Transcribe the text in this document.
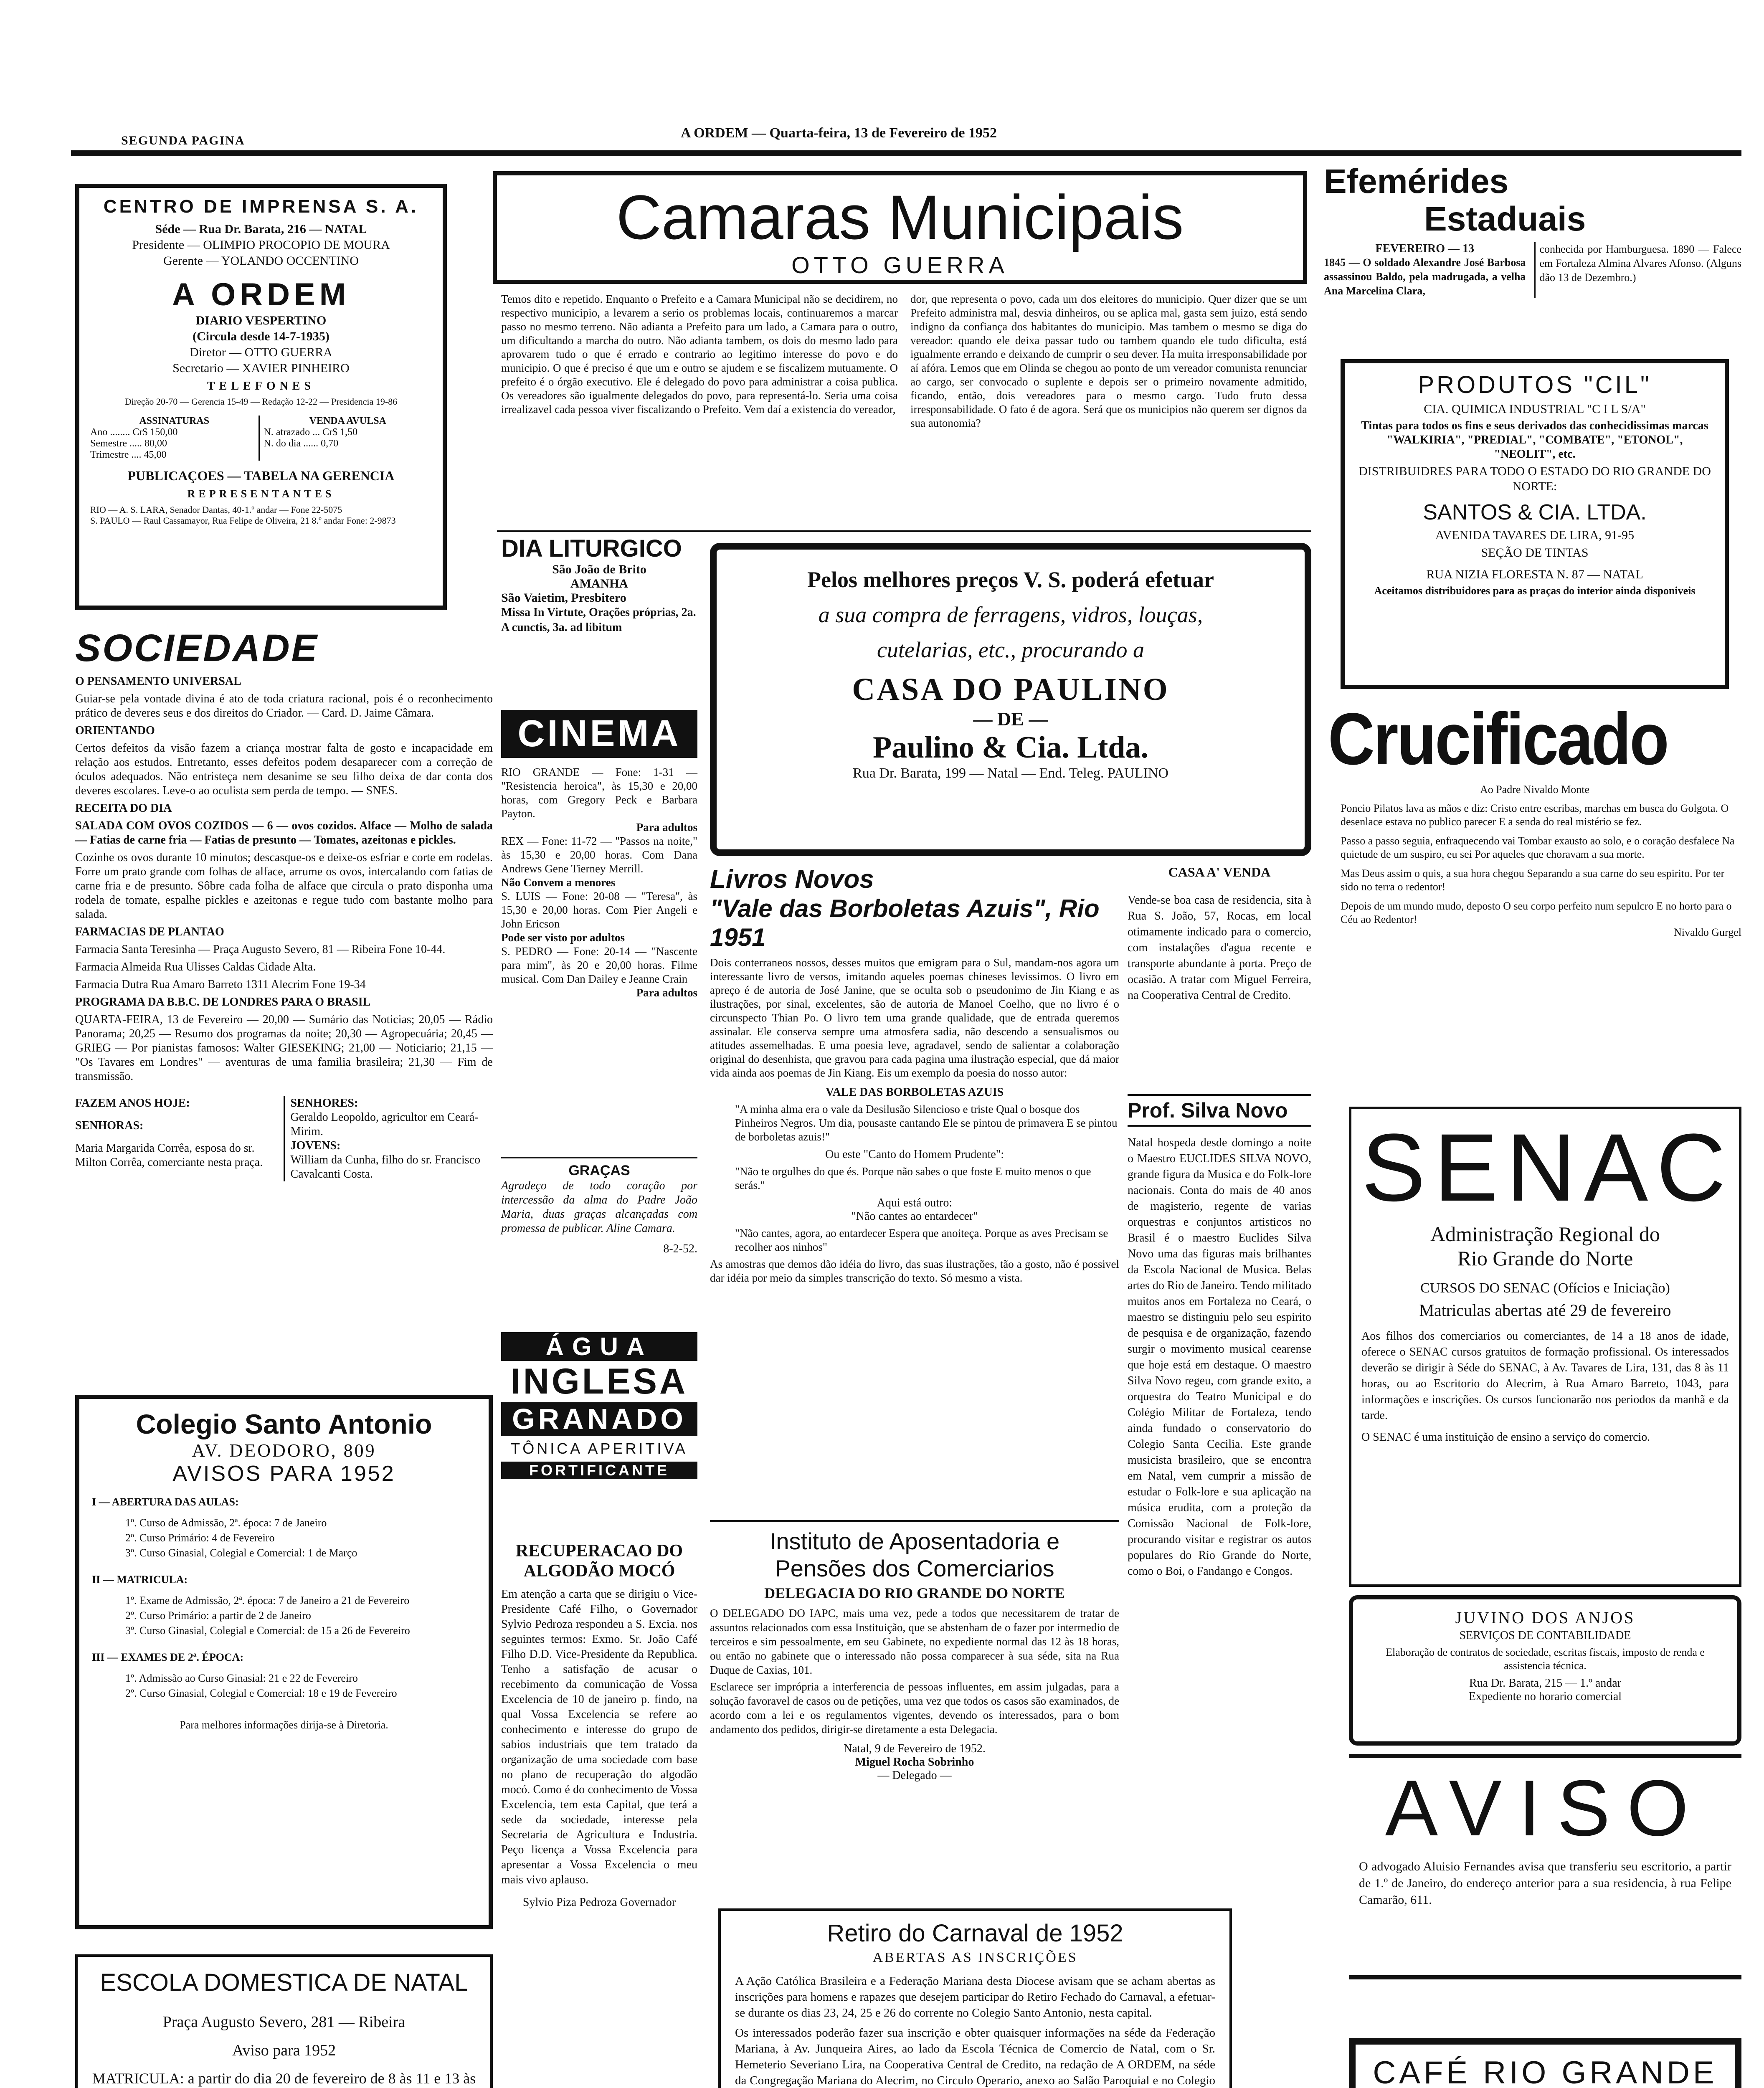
SEGUNDA PAGINA	A ORDEM — Quarta-feira, 13 de Fevereiro de 1952
CENTRO DE IMPRENSA S. A.
Séde — Rua Dr. Barata, 216 — NATAL
Presidente — OLIMPIO PROCOPIO DE MOURA
Gerente — YOLANDO OCCENTINO
A ORDEM
DIARIO VESPERTINO
(Circula desde 14-7-1935)
Diretor — OTTO GUERRA
Secretario — XAVIER PINHEIRO
TELEFONES
Direção 20-70 — Gerencia 15-49 — Redação 12-22 — Presidencia 19-86
ASSINATURAS
Ano ........ Cr$ 150,00
Semestre ..... 80,00
Trimestre .... 45,00
VENDA AVULSA
N. atrazado ... Cr$ 1,50
N. do dia ...... 0,70
PUBLICAÇOES — TABELA NA GERENCIA
REPRESENTANTES
RIO — A. S. LARA, Senador Dantas, 40-1.º andar — Fone 22-5075
S. PAULO — Raul Cassamayor, Rua Felipe de Oliveira, 21 8.º andar Fone: 2-9873
SOCIEDADE

O PENSAMENTO UNIVERSAL

Guiar-se pela vontade divina é ato de toda criatura racional, pois é o reconhecimento prático de deveres seus e dos direitos do Criador. — Card. D. Jaime Câmara.

ORIENTANDO

Certos defeitos da visão fazem a criança mostrar falta de gosto e incapacidade em relação aos estudos. Entretanto, esses defeitos podem desaparecer com a correção de óculos adequados. Não entristeça nem desanime se seu filho deixa de dar conta dos deveres escolares. Leve-o ao oculista sem perda de tempo. — SNES.

RECEITA DO DIA

SALADA COM OVOS COZIDOS — 6 — ovos cozidos. Alface — Molho de salada — Fatias de carne fria — Fatias de presunto — Tomates, azeitonas e pickles.

Cozinhe os ovos durante 10 minutos; descasque-os e deixe-os esfriar e corte em rodelas. Forre um prato grande com folhas de alface, arrume os ovos, intercalando com fatias de carne fria e de presunto. Sôbre cada folha de alface que circula o prato disponha uma rodela de tomate, espalhe pickles e azeitonas e regue tudo com bastante molho para salada.

FARMACIAS DE PLANTAO

Farmacia Santa Teresinha — Praça Augusto Severo, 81 — Ribeira Fone 10-44.

Farmacia Almeida Rua Ulisses Caldas Cidade Alta.

Farmacia Dutra Rua Amaro Barreto 1311 Alecrim Fone 19-34

PROGRAMA DA B.B.C. DE LONDRES PARA O BRASIL

QUARTA-FEIRA, 13 de Fevereiro — 20,00 — Sumário das Noticias; 20,05 — Rádio Panorama; 20,25 — Resumo dos programas da noite; 20,30 — Agropecuária; 20,45 — GRIEG — Por pianistas famosos: Walter GIESEKING; 21,00 — Noticiario; 21,15 — "Os Tavares em Londres" — aventuras de uma familia brasileira; 21,30 — Fim de transmissão.

FAZEM ANOS HOJE:

SENHORAS:

Maria Margarida Corrêa, esposa do sr. Milton Corrêa, comerciante nesta praça.

SENHORES:

Geraldo Leopoldo, agricultor em Ceará-Mirim.

JOVENS:

William da Cunha, filho do sr. Francisco Cavalcanti Costa.

Colegio Santo Antonio
AV. DEODORO, 809
AVISOS PARA 1952

I — ABERTURA DAS AULAS:

1º. Curso de Admissão, 2ª. época: 7 de Janeiro

2º. Curso Primário: 4 de Fevereiro

3º. Curso Ginasial, Colegial e Comercial: 1 de Março

II — MATRICULA:

1º. Exame de Admissão, 2ª. época: 7 de Janeiro a 21 de Fevereiro

2º. Curso Primário: a partir de 2 de Janeiro

3º. Curso Ginasial, Colegial e Comercial: de 15 a 26 de Fevereiro

III — EXAMES DE 2ª. ÉPOCA:

1º. Admissão ao Curso Ginasial: 21 e 22 de Fevereiro

2º. Curso Ginasial, Colegial e Comercial: 18 e 19 de Fevereiro

Para melhores informações dirija-se à Diretoria.

ESCOLA DOMESTICA DE NATAL
Praça Augusto Severo, 281 — Ribeira
Aviso para 1952
MATRICULA: a partir do dia 20 de fevereiro de 8 às 11 e 13 às
Camaras Municipais
OTTO GUERRA
Temos dito e repetido. Enquanto o Prefeito e a Camara Municipal não se decidirem, no respectivo municipio, a levarem a serio os problemas locais, continuaremos a marcar passo no mesmo terreno. Não adianta a Prefeito para um lado, a Camara para o outro, um dificultando a marcha do outro. Não adianta tambem, os dois do mesmo lado para aprovarem tudo o que é errado e contrario ao legitimo interesse do povo e do municipio. O que é preciso é que um e outro se ajudem e se fiscalizem mutuamente. O prefeito é o órgão executivo. Ele é delegado do povo para administrar a coisa publica. Os vereadores são igualmente delegados do povo, para representá-lo. Seria uma coisa irrealizavel cada pessoa viver fiscalizando o Prefeito. Vem daí a existencia do vereador,
dor, que representa o povo, cada um dos eleitores do municipio. Quer dizer que se um Prefeito administra mal, desvia dinheiros, ou se aplica mal, gasta sem juizo, está sendo indigno da confiança dos habitantes do municipio. Mas tambem o mesmo se diga do vereador: quando ele deixa passar tudo ou tambem quando ele tudo dificulta, está igualmente errando e deixando de cumprir o seu dever. Ha muita irresponsabilidade por aí afóra. Lemos que em Olinda se chegou ao ponto de um vereador comunista renunciar ao cargo, ser convocado o suplente e depois ser o primeiro novamente admitido, ficando, então, dois vereadores para o mesmo cargo. Tudo fruto dessa irresponsabilidade. O fato é de agora. Será que os municipios não querem ser dignos da sua autonomia?
DIA LITURGICO
São João de Brito
AMANHA
São Vaietim, Presbitero
Missa In Virtute, Orações próprias, 2a. A cunctis, 3a. ad libitum
CINEMA

RIO GRANDE — Fone: 1-31 — "Resistencia heroica", às 15,30 e 20,00 horas, com Gregory Peck e Barbara Payton.

Para adultos

REX — Fone: 11-72 — "Passos na noite," às 15,30 e 20,00 horas. Com Dana Andrews Gene Tierney Merrill.

Não Convem a menores

S. LUIS — Fone: 20-08 — "Teresa", às 15,30 e 20,00 horas. Com Pier Angeli e John Ericson

Pode ser visto por adultos

S. PEDRO — Fone: 20-14 — "Nascente para mim", às 20 e 20,00 horas. Filme musical. Com Dan Dailey e Jeanne Crain

Para adultos

GRAÇAS
Agradeço de todo coração por intercessão da alma do Padre João Maria, duas graças alcançadas com promessa de publicar. Aline Camara.
8-2-52.
ÁGUA
INGLESA
GRANADO
TÔNICA APERITIVA
FORTIFICANTE
RECUPERACAO DO ALGODÃO MOCÓ
Em atenção a carta que se dirigiu o Vice-Presidente Café Filho, o Governador Sylvio Pedroza respondeu a S. Excia. nos seguintes termos: Exmo. Sr. João Café Filho D.D. Vice-Presidente da Republica. Tenho a satisfação de acusar o recebimento da comunicação de Vossa Excelencia de 10 de janeiro p. findo, na qual Vossa Excelencia se refere ao conhecimento e interesse do grupo de sabios industriais que tem tratado da organização de uma sociedade com base no plano de recuperação do algodão mocó. Como é do conhecimento de Vossa Excelencia, tem esta Capital, que terá a sede da sociedade, interesse pela Secretaria de Agricultura e Industria. Peço licença a Vossa Excelencia para apresentar a Vossa Excelencia o meu mais vivo aplauso.
Sylvio Piza Pedroza Governador
Pelos melhores preços V. S. poderá efetuar
a sua compra de ferragens, vidros, louças,
cutelarias, etc., procurando a
CASA DO PAULINO
— DE —
Paulino & Cia. Ltda.
Rua Dr. Barata, 199 — Natal — End. Teleg. PAULINO
Livros Novos
"Vale das Borboletas Azuis", Rio 1951
Dois conterraneos nossos, desses muitos que emigram para o Sul, mandam-nos agora um interessante livro de versos, imitando aqueles poemas chineses levissimos. O livro em apreço é de autoria de José Janine, que se oculta sob o pseudonimo de Jin Kiang e as ilustrações, por sinal, excelentes, são de autoria de Manoel Coelho, que no livro é o circunspecto Thian Po. O livro tem uma grande qualidade, que de entrada queremos assinalar. Ele conserva sempre uma atmosfera sadia, não descendo a sensualismos ou atitudes assemelhadas. E uma poesia leve, agradavel, sendo de salientar a colaboração original do desenhista, que gravou para cada pagina uma ilustração especial, que dá maior vida ainda aos poemas de Jin Kiang. Eis um exemplo da poesia do nosso autor:
VALE DAS BORBOLETAS AZUIS
"A minha alma era o vale da Desilusão Silencioso e triste Qual o bosque dos Pinheiros Negros. Um dia, pousaste cantando Ele se pintou de primavera E se pintou de borboletas azuis!"
Ou este "Canto do Homem Prudente":
"Não te orgulhes do que és. Porque não sabes o que foste E muito menos o que serás."
Aqui está outro:
"Não cantes ao entardecer"
"Não cantes, agora, ao entardecer Espera que anoiteça. Porque as aves Precisam se recolher aos ninhos"
As amostras que demos dão idéia do livro, das suas ilustrações, tão a gosto, não é possivel dar idéia por meio da simples transcrição do texto. Só mesmo a vista.
CASA A' VENDA
Vende-se boa casa de residencia, sita à Rua S. João, 57, Rocas, em local otimamente indicado para o comercio, com instalações d'agua recente e transporte abundante à porta. Preço de ocasião. A tratar com Miguel Ferreira, na Cooperativa Central de Credito.
Prof. Silva Novo
Natal hospeda desde domingo a noite o Maestro EUCLIDES SILVA NOVO, grande figura da Musica e do Folk-lore nacionais. Conta do mais de 40 anos de magisterio, regente de varias orquestras e conjuntos artisticos no Brasil é o maestro Euclides Silva Novo uma das figuras mais brilhantes da Escola Nacional de Musica. Belas artes do Rio de Janeiro. Tendo militado muitos anos em Fortaleza no Ceará, o maestro se distinguiu pelo seu espirito de pesquisa e de organização, fazendo surgir o movimento musical cearense que hoje está em destaque. O maestro Silva Novo regeu, com grande exito, a orquestra do Teatro Municipal e do Colégio Militar de Fortaleza, tendo ainda fundado o conservatorio do Colegio Santa Cecilia. Este grande musicista brasileiro, que se encontra em Natal, vem cumprir a missão de estudar o Folk-lore e sua aplicação na música erudita, com a proteção da Comissão Nacional de Folk-lore, procurando visitar e registrar os autos populares do Rio Grande do Norte, como o Boi, o Fandango e Congos.
Instituto de Aposentadoria e
Pensões dos Comerciarios
DELEGACIA DO RIO GRANDE DO NORTE
O DELEGADO DO IAPC, mais uma vez, pede a todos que necessitarem de tratar de assuntos relacionados com essa Instituição, que se abstenham de o fazer por intermedio de terceiros e sim pessoalmente, em seu Gabinete, no expediente normal das 12 às 18 horas, ou então no gabinete que o interessado não possa comparecer à sua séde, sita na Rua Duque de Caxias, 101.
Esclarece ser imprópria a interferencia de pessoas influentes, em assim julgadas, para a solução favoravel de casos ou de petições, uma vez que todos os casos são examinados, de acordo com a lei e os regulamentos vigentes, devendo os interessados, para o bom andamento dos pedidos, dirigir-se diretamente a esta Delegacia.
Natal, 9 de Fevereiro de 1952.
Miguel Rocha Sobrinho
— Delegado —
Retiro do Carnaval de 1952
ABERTAS AS INSCRIÇÕES
A Ação Católica Brasileira e a Federação Mariana desta Diocese avisam que se acham abertas as inscrições para homens e rapazes que desejem participar do Retiro Fechado do Carnaval, a efetuar-se durante os dias 23, 24, 25 e 26 do corrente no Colegio Santo Antonio, nesta capital.
Os interessados poderão fazer sua inscrição e obter quaisquer informações na séde da Federação Mariana, à Av. Junqueira Aires, ao lado da Escola Técnica de Comercio de Natal, com o Sr. Hemeterio Severiano Lira, na Cooperativa Central de Credito, na redação de A ORDEM, na séde da Congregação Mariana do Alecrim, no Circulo Operario, anexo ao Salão Paroquial e no Colegio
Efemérides
Estaduais
FEVEREIRO — 13
1845 — O soldado Alexandre José Barbosa assassinou Baldo, pela madrugada, a velha Ana Marcelina Clara,
conhecida por Hamburguesa. 1890 — Falece em Fortaleza Almina Alvares Afonso. (Alguns dão 13 de Dezembro.)
PRODUTOS "CIL"
CIA. QUIMICA INDUSTRIAL "C I L S/A"
Tintas para todos os fins e seus derivados das conhecidissimas marcas "WALKIRIA", "PREDIAL", "COMBATE", "ETONOL", "NEOLIT", etc.
DISTRIBUIDRES PARA TODO O ESTADO DO RIO GRANDE DO NORTE:
SANTOS & CIA. LTDA.
AVENIDA TAVARES DE LIRA, 91-95
SEÇÃO DE TINTAS
RUA NIZIA FLORESTA N. 87 — NATAL
Aceitamos distribuidores para as praças do interior ainda disponiveis
Crucificado
Ao Padre Nivaldo Monte

Poncio Pilatos lava as mãos e diz: Cristo entre escribas, marchas em busca do Golgota. O desenlace estava no publico parecer E a senda do real mistério se fez.

Passo a passo seguia, enfraquecendo vai Tombar exausto ao solo, e o coração desfalece Na quietude de um suspiro, eu sei Por aqueles que choravam a sua morte.

Mas Deus assim o quis, a sua hora chegou Separando a sua carne do seu espirito. Por ter sido no terra o redentor!

Depois de um mundo mudo, deposto O seu corpo perfeito num sepulcro E no horto para o Céu ao Redentor!

Nivaldo Gurgel
SENAC
Administração Regional do
Rio Grande do Norte
CURSOS DO SENAC (Ofícios e Iniciação)
Matriculas abertas até 29 de fevereiro
Aos filhos dos comerciarios ou comerciantes, de 14 a 18 anos de idade, oferece o SENAC cursos gratuitos de formação profissional. Os interessados deverão se dirigir à Séde do SENAC, à Av. Tavares de Lira, 131, das 8 às 11 horas, ou ao Escritorio do Alecrim, à Rua Amaro Barreto, 1043, para informações e inscrições. Os cursos funcionarão nos periodos da manhã e da tarde.
O SENAC é uma instituição de ensino a serviço do comercio.
JUVINO DOS ANJOS
SERVIÇOS DE CONTABILIDADE
Elaboração de contratos de sociedade, escritas fiscais, imposto de renda e assistencia técnica.
Rua Dr. Barata, 215 — 1.º andar
Expediente no horario comercial
AVISO
O advogado Aluisio Fernandes avisa que transferiu seu escritorio, a partir de 1.º de Janeiro, do endereço anterior para a sua residencia, à rua Felipe Camarão, 611.
CAFÉ RIO GRANDE
